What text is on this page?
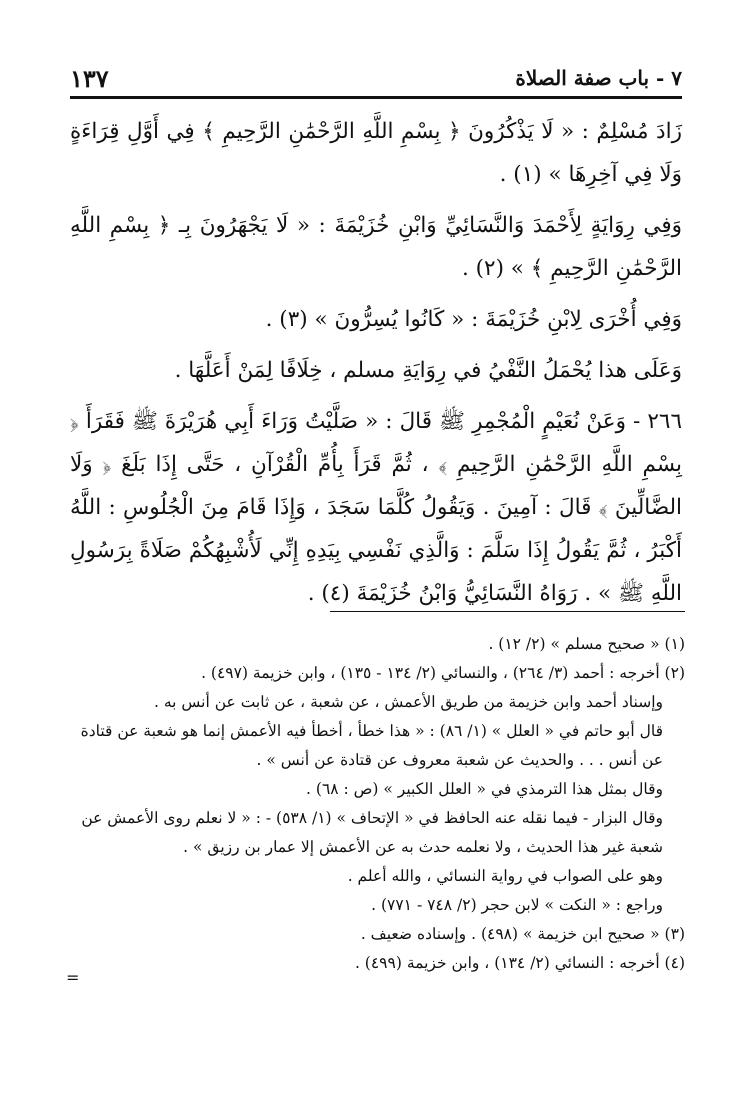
١٣٧	٧ - باب صفة الصلاة

زَادَ مُسْلِمٌ : « لَا يَذْكُرُونَ ﴿ بِسْمِ اللَّهِ الرَّحْمَٰنِ الرَّحِيمِ ﴾ فِي أَوَّلِ قِرَاءَةٍ وَلَا فِي آخِرِهَا » (١) .

وَفِي رِوَايَةٍ لِأَحْمَدَ وَالنَّسَائِيِّ وَابْنِ خُزَيْمَةَ : « لَا يَجْهَرُونَ بِـ ﴿ بِسْمِ اللَّهِ الرَّحْمَٰنِ الرَّحِيمِ ﴾ » (٢) .

وَفِي أُخْرَى لِابْنِ خُزَيْمَةَ : « كَانُوا يُسِرُّونَ » (٣) .

وَعَلَى هذا يُحْمَلُ النَّفْيُ في رِوَايَةِ مسلم ، خِلَافًا لِمَنْ أَعَلَّهَا .

٢٦٦ - وَعَنْ نُعَيْمٍ الْمُجْمِرِ ﷺ قَالَ : « صَلَّيْتُ وَرَاءَ أَبِي هُرَيْرَةَ ﷺ فَقَرَأَ ﴿ بِسْمِ اللَّهِ الرَّحْمَٰنِ الرَّحِيمِ ﴾ ، ثُمَّ قَرَأَ بِأُمِّ الْقُرْآنِ ، حَتَّى إِذَا بَلَغَ ﴿ وَلَا الضَّالِّينَ ﴾ قَالَ : آمِينَ . وَيَقُولُ كُلَّمَا سَجَدَ ، وَإِذَا قَامَ مِنَ الْجُلُوسِ : اللَّهُ أَكْبَرُ ، ثُمَّ يَقُولُ إِذَا سَلَّمَ : وَالَّذِي نَفْسِي بِيَدِهِ إِنِّي لَأُشْبِهُكُمْ صَلَاةً بِرَسُولِ اللَّهِ ﷺ » . رَوَاهُ النَّسَائِيُّ وَابْنُ خُزَيْمَةَ (٤) .

(١) « صحيح مسلم » (٢/ ١٢) .

(٢) أخرجه : أحمد (٣/ ٢٦٤) ، والنسائي (٢/ ١٣٤ - ١٣٥) ، وابن خزيمة (٤٩٧) .

وإسناد أحمد وابن خزيمة من طريق الأعمش ، عن شعبة ، عن ثابت عن أنس به .

قال أبو حاتم في « العلل » (١/ ٨٦) : « هذا خطأ ، أخطأ فيه الأعمش إنما هو شعبة عن قتادة عن أنس . . . والحديث عن شعبة معروف عن قتادة عن أنس » .

وقال بمثل هذا الترمذي في « العلل الكبير » (ص : ٦٨) .

وقال البزار - فيما نقله عنه الحافظ في « الإتحاف » (١/ ٥٣٨) - : « لا نعلم روى الأعمش عن شعبة غير هذا الحديث ، ولا نعلمه حدث به عن الأعمش إلا عمار بن رزيق » .

وهو على الصواب في رواية النسائي ، والله أعلم .

وراجع : « النكت » لابن حجر (٢/ ٧٤٨ - ٧٧١) .

(٣) « صحيح ابن خزيمة » (٤٩٨) . وإسناده ضعيف .

(٤) أخرجه : النسائي (٢/ ١٣٤) ، وابن خزيمة (٤٩٩) .

=
